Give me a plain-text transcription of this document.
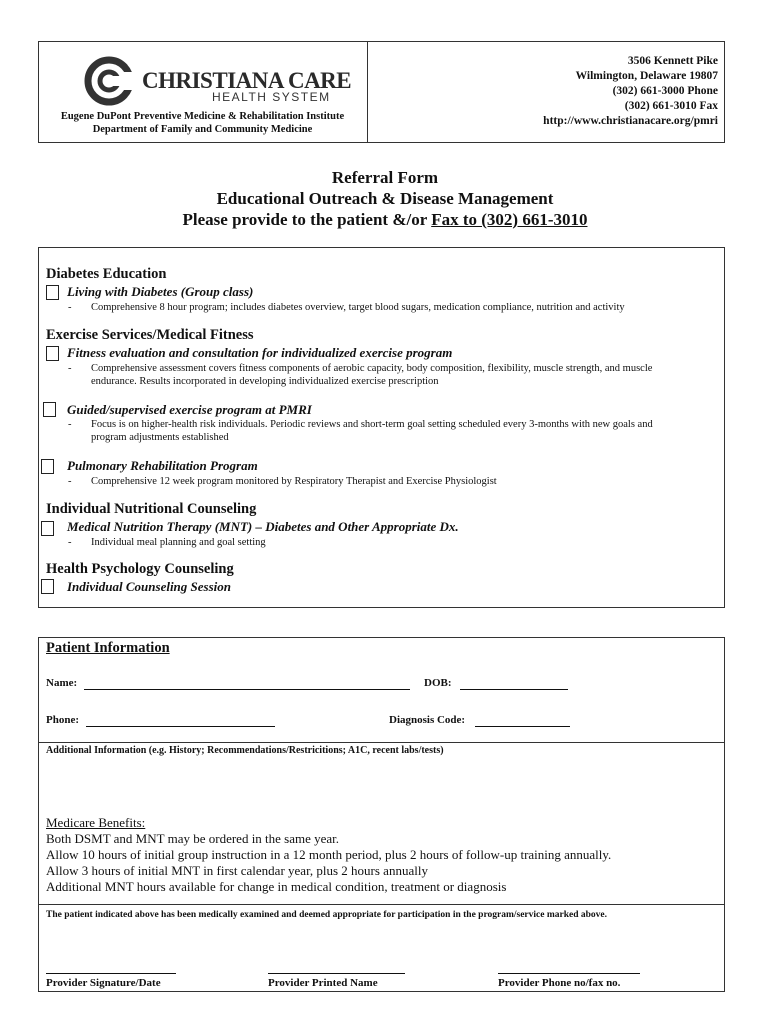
CHRISTIANA CARE
HEALTH SYSTEM
Eugene DuPont Preventive Medicine & Rehabilitation Institute
Department of Family and Community Medicine
3506 Kennett Pike
Wilmington, Delaware 19807
(302) 661-3000 Phone
(302) 661-3010 Fax
http://www.christianacare.org/pmri
Referral Form
Educational Outreach & Disease Management
Please provide to the patient &/or Fax to (302) 661-3010
Diabetes Education
Living with Diabetes (Group class)
- Comprehensive 8 hour program; includes diabetes overview, target blood sugars, medication compliance, nutrition and activity
Exercise Services/Medical Fitness
Fitness evaluation and consultation for individualized exercise program
- Comprehensive assessment covers fitness components of aerobic capacity, body composition, flexibility, muscle strength, and muscle
endurance. Results incorporated in developing individualized exercise prescription
Guided/supervised exercise program at PMRI
- Focus is on higher-health risk individuals. Periodic reviews and short-term goal setting scheduled every 3-months with new goals and
program adjustments established
Pulmonary Rehabilitation Program
- Comprehensive 12 week program monitored by Respiratory Therapist and Exercise Physiologist
Individual Nutritional Counseling
Medical Nutrition Therapy (MNT) – Diabetes and Other Appropriate Dx.
- Individual meal planning and goal setting
Health Psychology Counseling
Individual Counseling Session
Patient Information
Name:	DOB:
Phone:	Diagnosis Code:
Additional Information (e.g. History; Recommendations/Restricitions; A1C, recent labs/tests)
Medicare Benefits:
Both DSMT and MNT may be ordered in the same year.
Allow 10 hours of initial group instruction in a 12 month period, plus 2 hours of follow-up training annually.
Allow 3 hours of initial MNT in first calendar year, plus 2 hours annually
Additional MNT hours available for change in medical condition, treatment or diagnosis
The patient indicated above has been medically examined and deemed appropriate for participation in the program/service marked above.
Provider Signature/Date	Provider Printed Name	Provider Phone no/fax no.
